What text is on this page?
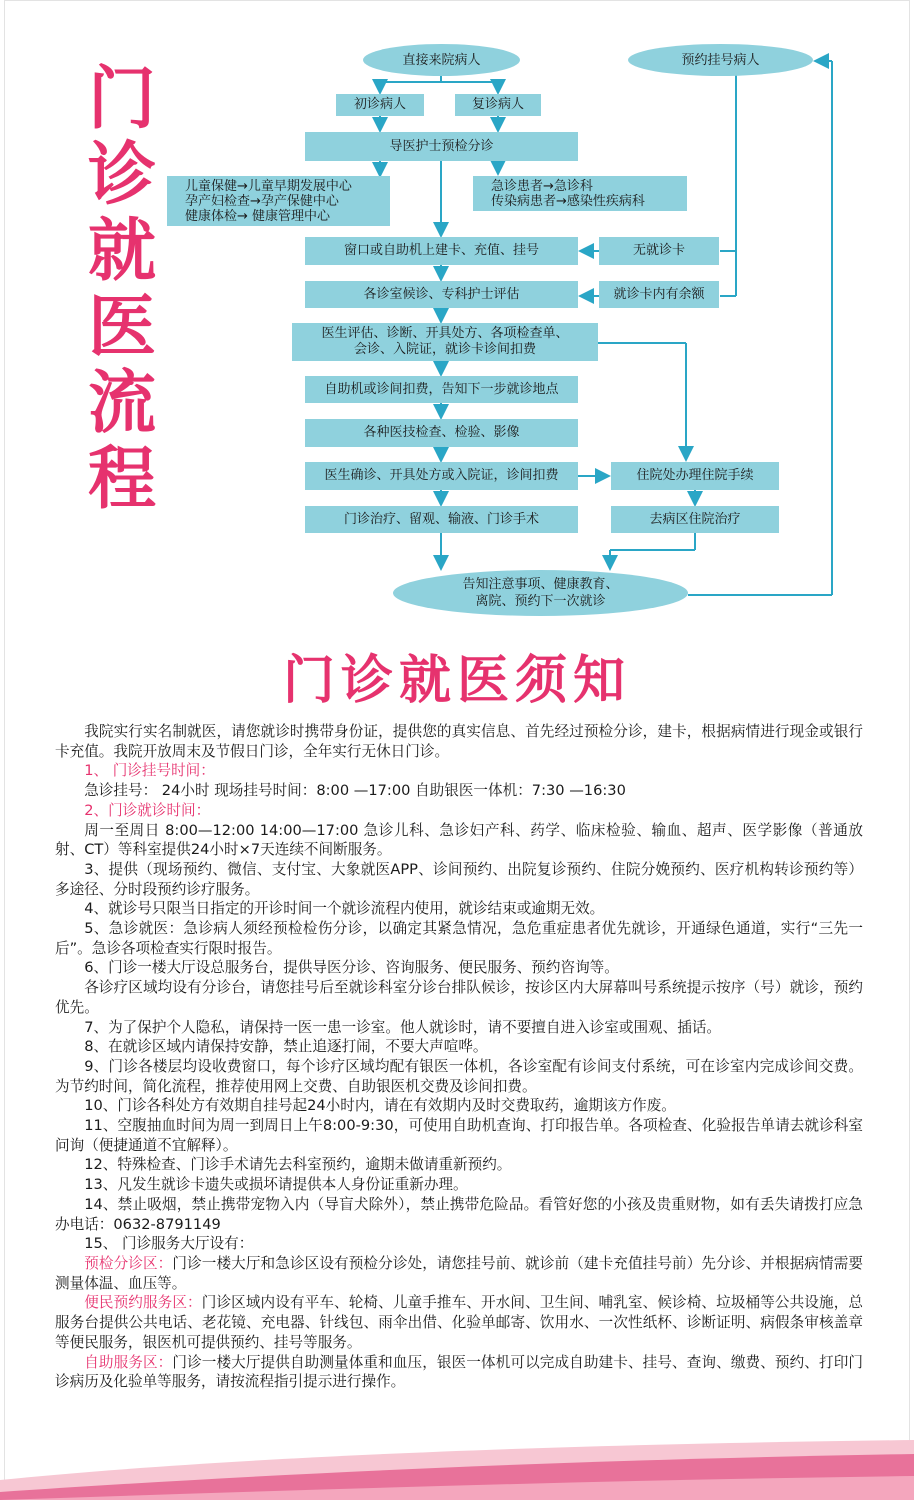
门
诊
就
医
流
程
直接来院病人	预约挂号病人
初诊病人	复诊病人
导医护士预检分诊
儿童保健→儿童早期发展中心
孕产妇检查→孕产保健中心
健康体检→ 健康管理中心
急诊患者→急诊科
传染病患者→感染性疾病科
窗口或自助机上建卡、充值、挂号	无就诊卡
各诊室候诊、专科护士评估	就诊卡内有余额
医生评估、诊断、开具处方、各项检查单、
会诊、入院证，就诊卡诊间扣费
自助机或诊间扣费，告知下一步就诊地点
各种医技检查、检验、影像
医生确诊、开具处方或入院证，诊间扣费	住院处办理住院手续
门诊治疗、留观、输液、门诊手术	去病区住院治疗
告知注意事项、健康教育、
离院、预约下一次就诊
门诊就医须知

我院实行实名制就医，请您就诊时携带身份证，提供您的真实信息、首先经过预检分诊，建卡，根据病情进行现金或银行卡充值。我院开放周末及节假日门诊，全年实行无休日门诊。

1、 门诊挂号时间：

急诊挂号： 24小时 现场挂号时间：8:00 —17:00 自助银医一体机：7:30 —16:30

2、门诊就诊时间：

周一至周日 8:00—12:00 14:00—17:00 急诊儿科、急诊妇产科、药学、临床检验、输血、超声、医学影像（普通放射、CT）等科室提供24小时×7天连续不间断服务。

3、提供（现场预约、微信、支付宝、大象就医APP、诊间预约、出院复诊预约、住院分娩预约、医疗机构转诊预约等）多途径、分时段预约诊疗服务。

4、就诊号只限当日指定的开诊时间一个就诊流程内使用，就诊结束或逾期无效。

5、急诊就医：急诊病人须经预检检伤分诊，以确定其紧急情况，急危重症患者优先就诊，开通绿色通道，实行“三先一后”。急诊各项检查实行限时报告。

6、门诊一楼大厅设总服务台，提供导医分诊、咨询服务、便民服务、预约咨询等。

各诊疗区域均设有分诊台，请您挂号后至就诊科室分诊台排队候诊，按诊区内大屏幕叫号系统提示按序（号）就诊，预约优先。

7、为了保护个人隐私，请保持一医一患一诊室。他人就诊时，请不要擅自进入诊室或围观、插话。

8、在就诊区域内请保持安静，禁止追逐打闹，不要大声喧哗。

9、门诊各楼层均设收费窗口，每个诊疗区域均配有银医一体机，各诊室配有诊间支付系统，可在诊室内完成诊间交费。为节约时间，简化流程，推荐使用网上交费、自助银医机交费及诊间扣费。

10、门诊各科处方有效期自挂号起24小时内，请在有效期内及时交费取药，逾期该方作废。

11、空腹抽血时间为周一到周日上午8:00-9:30，可使用自助机查询、打印报告单。各项检查、化验报告单请去就诊科室问询（便捷通道不宜解释）。

12、特殊检查、门诊手术请先去科室预约，逾期未做请重新预约。

13、凡发生就诊卡遗失或损坏请提供本人身份证重新办理。

14、禁止吸烟，禁止携带宠物入内（导盲犬除外），禁止携带危险品。看管好您的小孩及贵重财物，如有丢失请拨打应急办电话：0632-8791149

15、 门诊服务大厅设有：

预检分诊区：门诊一楼大厅和急诊区设有预检分诊处，请您挂号前、就诊前（建卡充值挂号前）先分诊、并根据病情需要测量体温、血压等。

便民预约服务区：门诊区域内设有平车、轮椅、儿童手推车、开水间、卫生间、哺乳室、候诊椅、垃圾桶等公共设施，总服务台提供公共电话、老花镜、充电器、针线包、雨伞出借、化验单邮寄、饮用水、一次性纸杯、诊断证明、病假条审核盖章等便民服务，银医机可提供预约、挂号等服务。

自助服务区：门诊一楼大厅提供自助测量体重和血压，银医一体机可以完成自助建卡、挂号、查询、缴费、预约、打印门诊病历及化验单等服务，请按流程指引提示进行操作。
